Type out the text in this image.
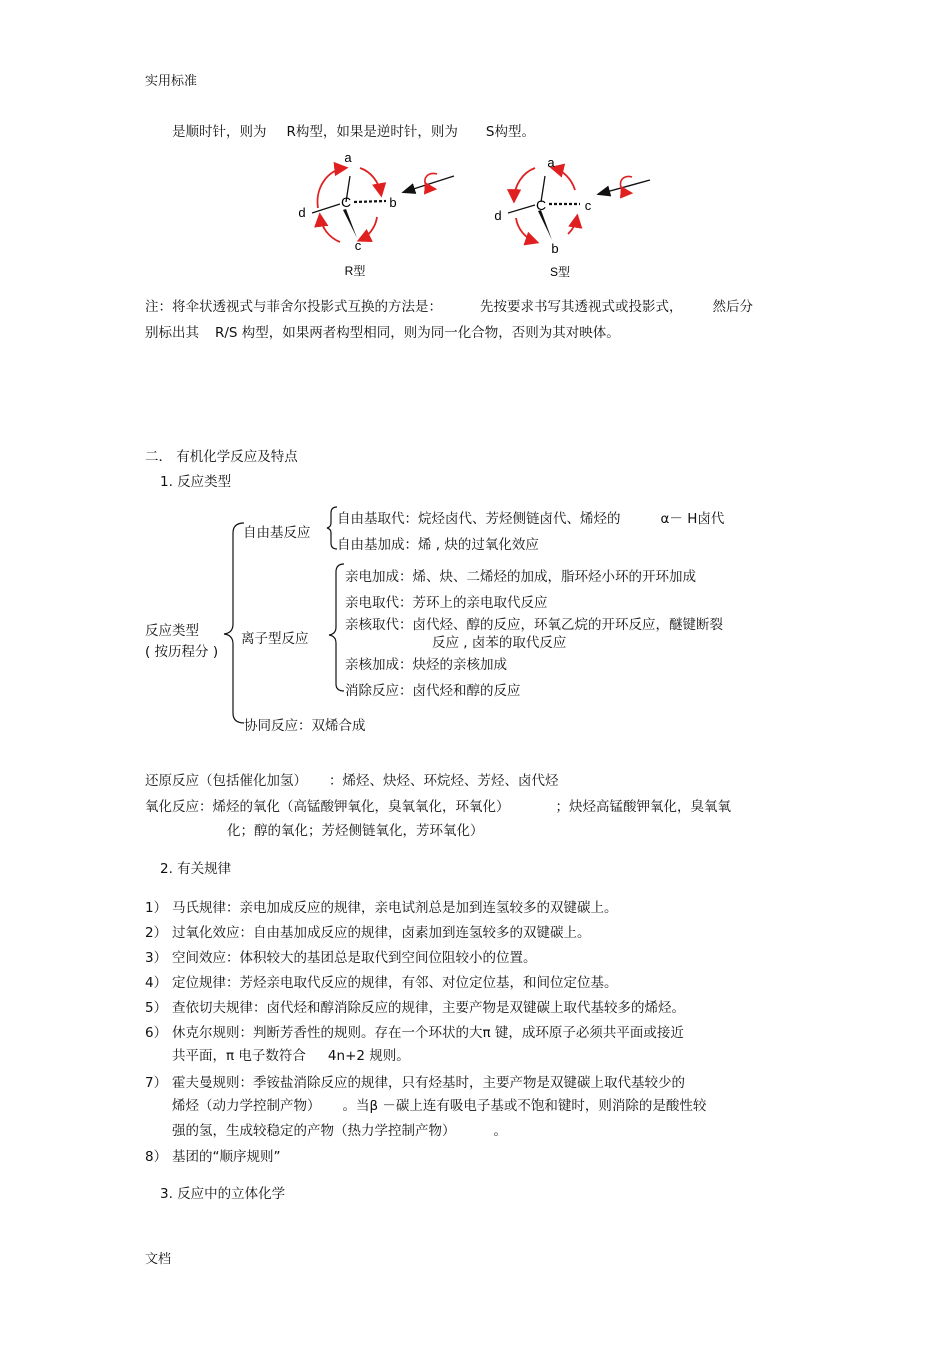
实用标准
文档
是顺时针，则为 R构型，如果是逆时针，则为 S构型。
a
C	b
d
c
R型
a
C	c
d
b
S型
注：将伞状透视式与菲舍尔投影式互换的方法是：	先按要求书写其透视式或投影式， 然后分
别标出其 R/S 构型，如果两者构型相同，则为同一化合物，否则为其对映体。
二． 有机化学反应及特点
1. 反应类型
反应类型
( 按历程分 )
自由基反应
自由基取代：烷烃卤代、芳烃侧链卤代、烯烃的	α－ H卤代
自由基加成：烯 , 炔的过氧化效应
离子型反应
亲电加成：烯、炔、二烯烃的加成，脂环烃小环的开环加成
亲电取代：芳环上的亲电取代反应
亲核取代：卤代烃、醇的反应，环氧乙烷的开环反应，醚键断裂
反应 , 卤苯的取代反应
亲核加成：炔烃的亲核加成
消除反应：卤代烃和醇的反应
协同反应：双烯合成
还原反应（包括催化加氢） ：烯烃、炔烃、环烷烃、芳烃、卤代烃
氧化反应：烯烃的氧化（高锰酸钾氧化，臭氧氧化，环氧化）	；炔烃高锰酸钾氧化，臭氧氧
化；醇的氧化；芳烃侧链氧化，芳环氧化）
2. 有关规律
1） 马氏规律：亲电加成反应的规律，亲电试剂总是加到连氢较多的双键碳上。
2） 过氧化效应：自由基加成反应的规律，卤素加到连氢较多的双键碳上。
3） 空间效应：体积较大的基团总是取代到空间位阻较小的位置。
4） 定位规律：芳烃亲电取代反应的规律，有邻、对位定位基，和间位定位基。
5） 查依切夫规律：卤代烃和醇消除反应的规律，主要产物是双键碳上取代基较多的烯烃。
6） 休克尔规则：判断芳香性的规则。存在一个环状的大π 键，成环原子必须共平面或接近
共平面，π 电子数符合 4n+2 规则。
7） 霍夫曼规则：季铵盐消除反应的规律，只有烃基时，主要产物是双键碳上取代基较少的
烯烃（动力学控制产物） 。当β －碳上连有吸电子基或不饱和键时，则消除的是酸性较
强的氢，生成较稳定的产物（热力学控制产物）	。
8） 基团的“顺序规则”
3. 反应中的立体化学
